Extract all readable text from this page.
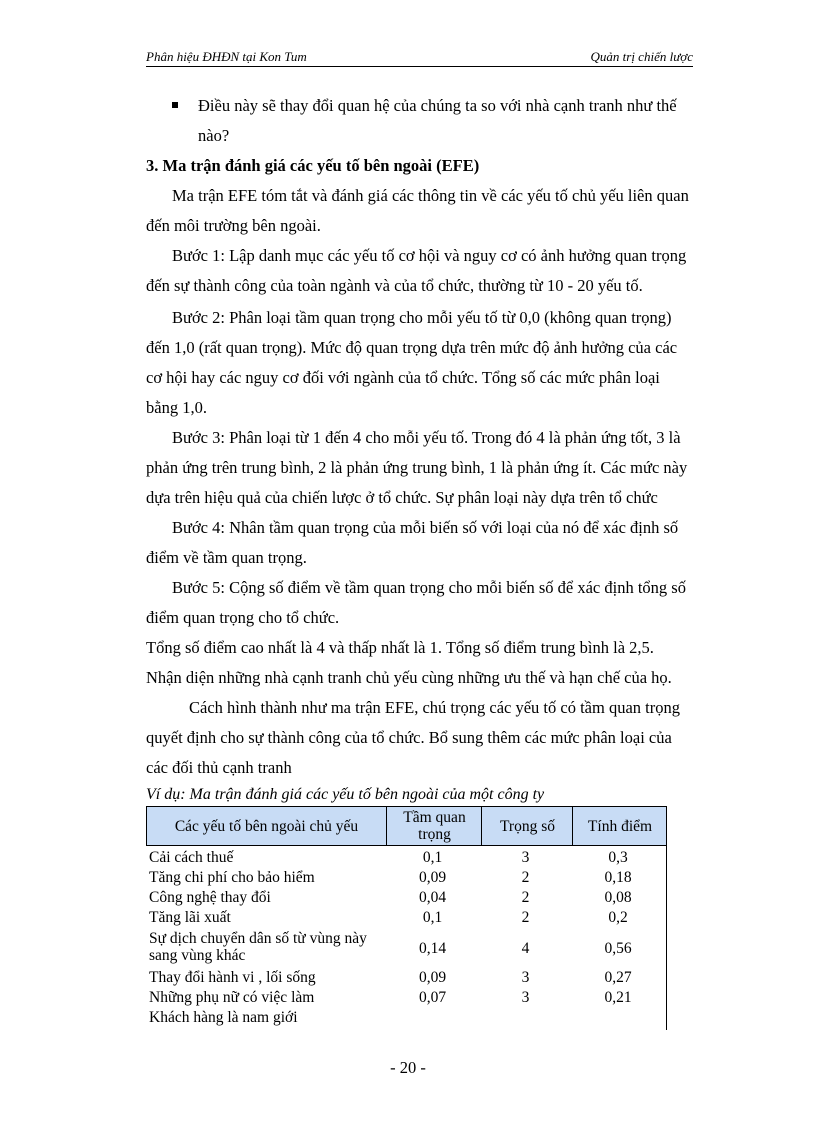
Phân hiệu ĐHĐN tại Kon Tum	Quản trị chiến lược
Điều này sẽ thay đổi quan hệ của chúng ta so với nhà cạnh tranh như thế
nào?
3. Ma trận đánh giá các yếu tố bên ngoài (EFE)
Ma trận EFE tóm tắt và đánh giá các thông tin về các yếu tố chủ yếu liên quan
đến môi trường bên ngoài.
Bước 1: Lập danh mục các yếu tố cơ hội và nguy cơ có ảnh hưởng quan trọng
đến sự thành công của toàn ngành và của tổ chức, thường từ 10 - 20 yếu tố.
Bước 2: Phân loại tầm quan trọng cho mỗi yếu tố từ 0,0 (không quan trọng)
đến 1,0 (rất quan trọng). Mức độ quan trọng dựa trên mức độ ảnh hưởng của các
cơ hội hay các nguy cơ đối với ngành của tổ chức. Tổng số các mức phân loại
bằng 1,0.
Bước 3: Phân loại từ 1 đến 4 cho mỗi yếu tố. Trong đó 4 là phản ứng tốt, 3 là
phản ứng trên trung bình, 2 là phản ứng trung bình, 1 là phản ứng ít. Các mức này
dựa trên hiệu quả của chiến lược ở tổ chức. Sự phân loại này dựa trên tổ chức
Bước 4: Nhân tầm quan trọng của mỗi biến số với loại của nó để xác định số
điểm về tầm quan trọng.
Bước 5: Cộng số điểm về tầm quan trọng cho mỗi biến số để xác định tổng số
điểm quan trọng cho tổ chức.
Tổng số điểm cao nhất là 4 và thấp nhất là 1. Tổng số điểm trung bình là 2,5.
Nhận diện những nhà cạnh tranh chủ yếu cùng những ưu thế và hạn chế của họ.
Cách hình thành như ma trận EFE, chú trọng các yếu tố có tầm quan trọng
quyết định cho sự thành công của tổ chức. Bổ sung thêm các mức phân loại của
các đối thủ cạnh tranh
Ví dụ: Ma trận đánh giá các yếu tố bên ngoài của một công ty
Các yếu tố bên ngoài chủ yếu	Tầm quan trọng	Trọng số	Tính điểm
Cải cách thuế	0,1	3	0,3
Tăng chi phí cho bảo hiểm	0,09	2	0,18
Công nghệ thay đổi	0,04	2	0,08
Tăng lãi xuất	0,1	2	0,2
Sự dịch chuyển dân số từ vùng này
sang vùng khác	0,14	4	0,56
Thay đổi hành vi , lối sống	0,09	3	0,27
Những phụ nữ có việc làm	0,07	3	0,21
Khách hàng là nam giới
- 20 -
